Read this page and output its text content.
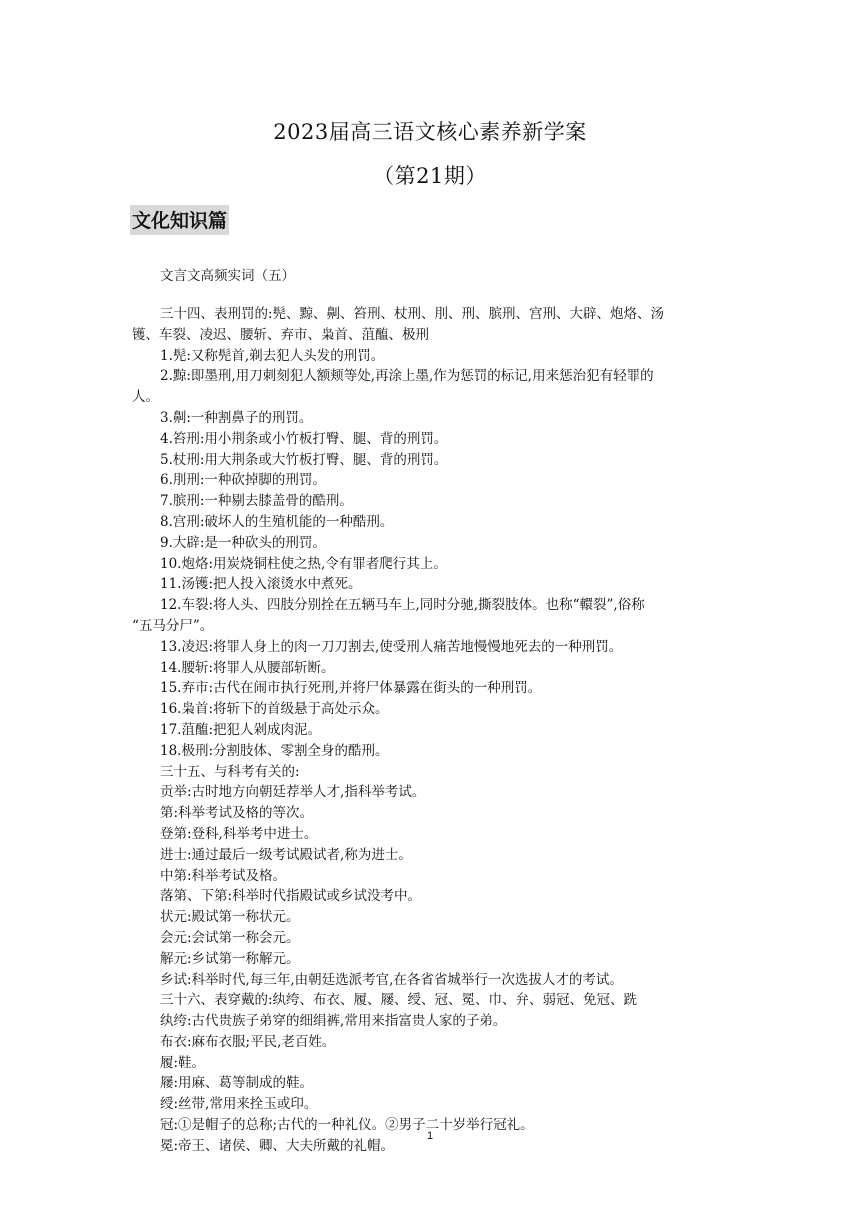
2023届高三语文核心素养新学案
（第21期）
文化知识篇
文言文高频实词（五）
三十四、表刑罚的:髡、黥、劓、笞刑、杖刑、刖、刑、膑刑、宫刑、大辟、炮烙、汤
镬、车裂、凌迟、腰斩、弃市、枭首、菹醢、极刑
1.髡:又称髡首,剃去犯人头发的刑罚。
2.黥:即墨刑,用刀刺刻犯人额颊等处,再涂上墨,作为惩罚的标记,用来惩治犯有轻罪的
人。
3.劓:一种割鼻子的刑罚。
4.笞刑:用小荆条或小竹板打臀、腿、背的刑罚。
5.杖刑:用大荆条或大竹板打臀、腿、背的刑罚。
6.刖刑:一种砍掉脚的刑罚。
7.膑刑:一种剔去膝盖骨的酷刑。
8.宫刑:破坏人的生殖机能的一种酷刑。
9.大辟:是一种砍头的刑罚。
10.炮烙:用炭烧铜柱使之热,令有罪者爬行其上。
11.汤镬:把人投入滚烫水中煮死。
12.车裂:将人头、四肢分别拴在五辆马车上,同时分驰,撕裂肢体。也称“轘裂”,俗称
“五马分尸”。
13.凌迟:将罪人身上的肉一刀刀割去,使受刑人痛苦地慢慢地死去的一种刑罚。
14.腰斩:将罪人从腰部斩断。
15.弃市:古代在闹市执行死刑,并将尸体暴露在街头的一种刑罚。
16.枭首:将斩下的首级悬于高处示众。
17.菹醢:把犯人剁成肉泥。
18.极刑:分割肢体、零割全身的酷刑。
三十五、与科考有关的:
贡举:古时地方向朝廷荐举人才,指科举考试。
第:科举考试及格的等次。
登第:登科,科举考中进士。
进士:通过最后一级考试殿试者,称为进士。
中第:科举考试及格。
落第、下第:科举时代指殿试或乡试没考中。
状元:殿试第一称状元。
会元:会试第一称会元。
解元:乡试第一称解元。
乡试:科举时代,每三年,由朝廷选派考官,在各省省城举行一次选拔人才的考试。
三十六、表穿戴的:纨绔、布衣、履、屦、绶、冠、冕、巾、弁、弱冠、免冠、跣
纨绔:古代贵族子弟穿的细绢裤,常用来指富贵人家的子弟。
布衣:麻布衣服;平民,老百姓。
履:鞋。
屦:用麻、葛等制成的鞋。
绶:丝带,常用来拴玉或印。
冠:①是帽子的总称;古代的一种礼仪。②男子二十岁举行冠礼。
冕:帝王、诸侯、卿、大夫所戴的礼帽。
1
